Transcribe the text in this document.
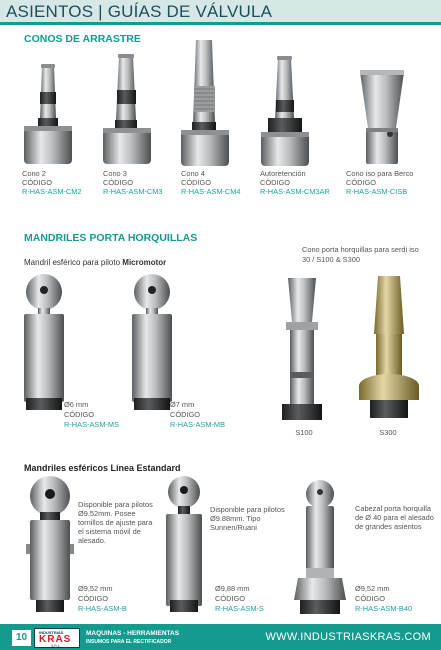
ASIENTOS | GUÍAS DE VÁLVULA
CONOS DE ARRASTRE
Cono 2
CÓDIGO
R-HAS-ASM-CM2
Cono 3
CÓDIGO
R-HAS-ASM-CM3
Cono 4
CÓDIGO
R-HAS-ASM-CM4
Autoretención
CÓDIGO
R-HAS-ASM-CM3AR
Cono iso para Berco
CÓDIGO
R-HAS-ASM-CISB
MANDRILES PORTA HORQUILLAS
Mandril esférico para piloto Micromotor
Cono porta horquillas para serdi iso 30 / S100 & S300
Ø6 mm
CÓDIGO
R-HAS-ASM-MS
Ø7 mm
CÓDIGO
R-HAS-ASM-MB
S100	S300
Mandriles esféricos Línea Estandard
Disponible para pilotos Ø9.52mm. Posee tornillos de ajuste para el sistema móvil de alesado.
Ø9,52 mm
CÓDIGO
R-HAS-ASM-B
Disponible para pilotos Ø9.88mm. Tipo Sunnen/Ruani
Ø9,88 mm
CÓDIGO
R-HAS-ASM-S
Cabezal porta horquilla de Ø 40 para el alesado de grandes asientos
Ø9,52 mm
CÓDIGO
R-HAS-ASM-B40
10	INDUSTRIAS
KRAS
S.R.L.
MAQUINAS - HERRAMIENTAS
INSUMOS PARA EL RECTIFICADOR	WWW.INDUSTRIASKRAS.COM
